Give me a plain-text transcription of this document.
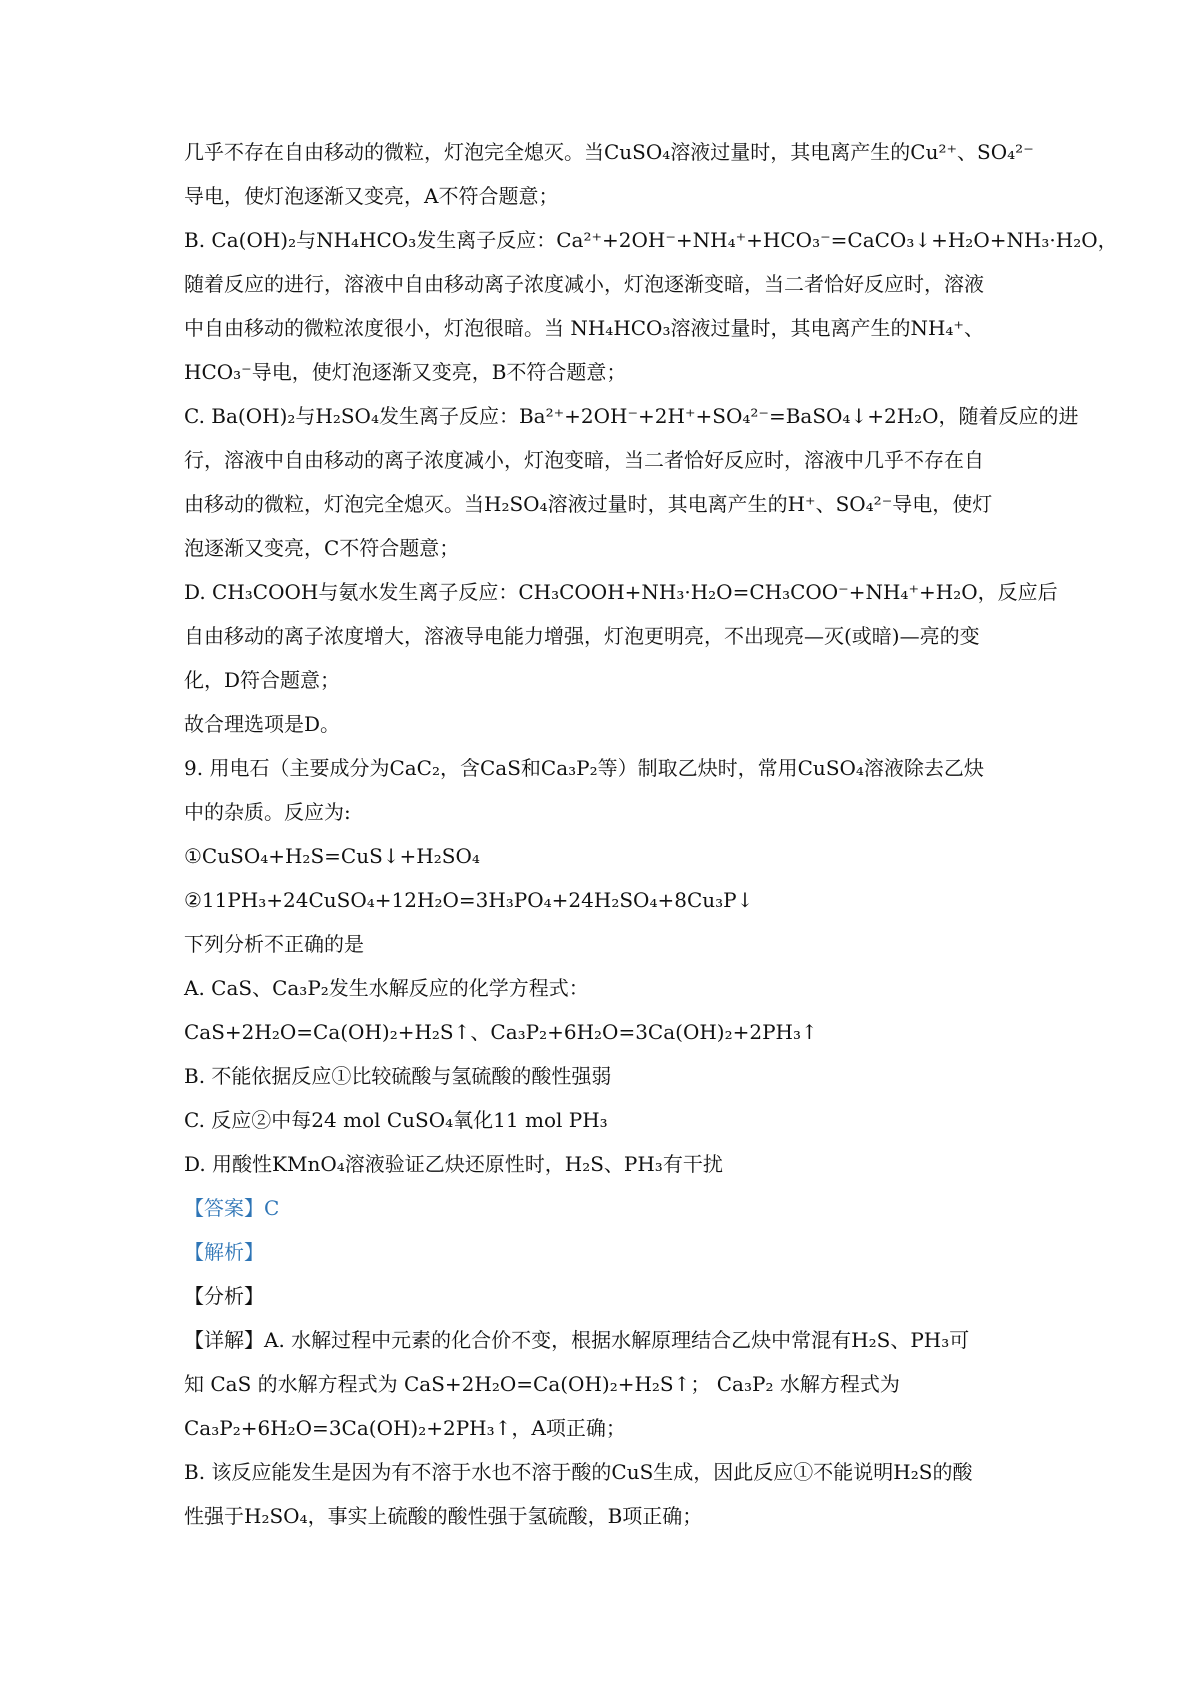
几乎不存在自由移动的微粒，灯泡完全熄灭。当CuSO₄溶液过量时，其电离产生的Cu²⁺、SO₄²⁻
导电，使灯泡逐渐又变亮，A不符合题意；
B. Ca(OH)₂与NH₄HCO₃发生离子反应：Ca²⁺+2OH⁻+NH₄⁺+HCO₃⁻=CaCO₃↓+H₂O+NH₃·H₂O，
随着反应的进行，溶液中自由移动离子浓度减小，灯泡逐渐变暗，当二者恰好反应时，溶液
中自由移动的微粒浓度很小，灯泡很暗。当 NH₄HCO₃溶液过量时，其电离产生的NH₄⁺、
HCO₃⁻导电，使灯泡逐渐又变亮，B不符合题意；
C. Ba(OH)₂与H₂SO₄发生离子反应：Ba²⁺+2OH⁻+2H⁺+SO₄²⁻=BaSO₄↓+2H₂O，随着反应的进
行，溶液中自由移动的离子浓度减小，灯泡变暗，当二者恰好反应时，溶液中几乎不存在自
由移动的微粒，灯泡完全熄灭。当H₂SO₄溶液过量时，其电离产生的H⁺、SO₄²⁻导电，使灯
泡逐渐又变亮，C不符合题意；
D. CH₃COOH与氨水发生离子反应：CH₃COOH+NH₃·H₂O=CH₃COO⁻+NH₄⁺+H₂O，反应后
自由移动的离子浓度增大，溶液导电能力增强，灯泡更明亮，不出现亮—灭(或暗)—亮的变
化，D符合题意；
故合理选项是D。
9. 用电石（主要成分为CaC₂，含CaS和Ca₃P₂等）制取乙炔时，常用CuSO₄溶液除去乙炔
中的杂质。反应为:
①CuSO₄+H₂S=CuS↓+H₂SO₄
②11PH₃+24CuSO₄+12H₂O=3H₃PO₄+24H₂SO₄+8Cu₃P↓
下列分析不正确的是
A. CaS、Ca₃P₂发生水解反应的化学方程式：
CaS+2H₂O=Ca(OH)₂+H₂S↑、Ca₃P₂+6H₂O=3Ca(OH)₂+2PH₃↑
B. 不能依据反应①比较硫酸与氢硫酸的酸性强弱
C. 反应②中每24 mol CuSO₄氧化11 mol PH₃
D. 用酸性KMnO₄溶液验证乙炔还原性时，H₂S、PH₃有干扰
【答案】C
【解析】
【分析】
【详解】A. 水解过程中元素的化合价不变，根据水解原理结合乙炔中常混有H₂S、PH₃可
知 CaS 的水解方程式为 CaS+2H₂O=Ca(OH)₂+H₂S↑； Ca₃P₂ 水解方程式为
Ca₃P₂+6H₂O=3Ca(OH)₂+2PH₃↑，A项正确；
B. 该反应能发生是因为有不溶于水也不溶于酸的CuS生成，因此反应①不能说明H₂S的酸
性强于H₂SO₄，事实上硫酸的酸性强于氢硫酸，B项正确；
